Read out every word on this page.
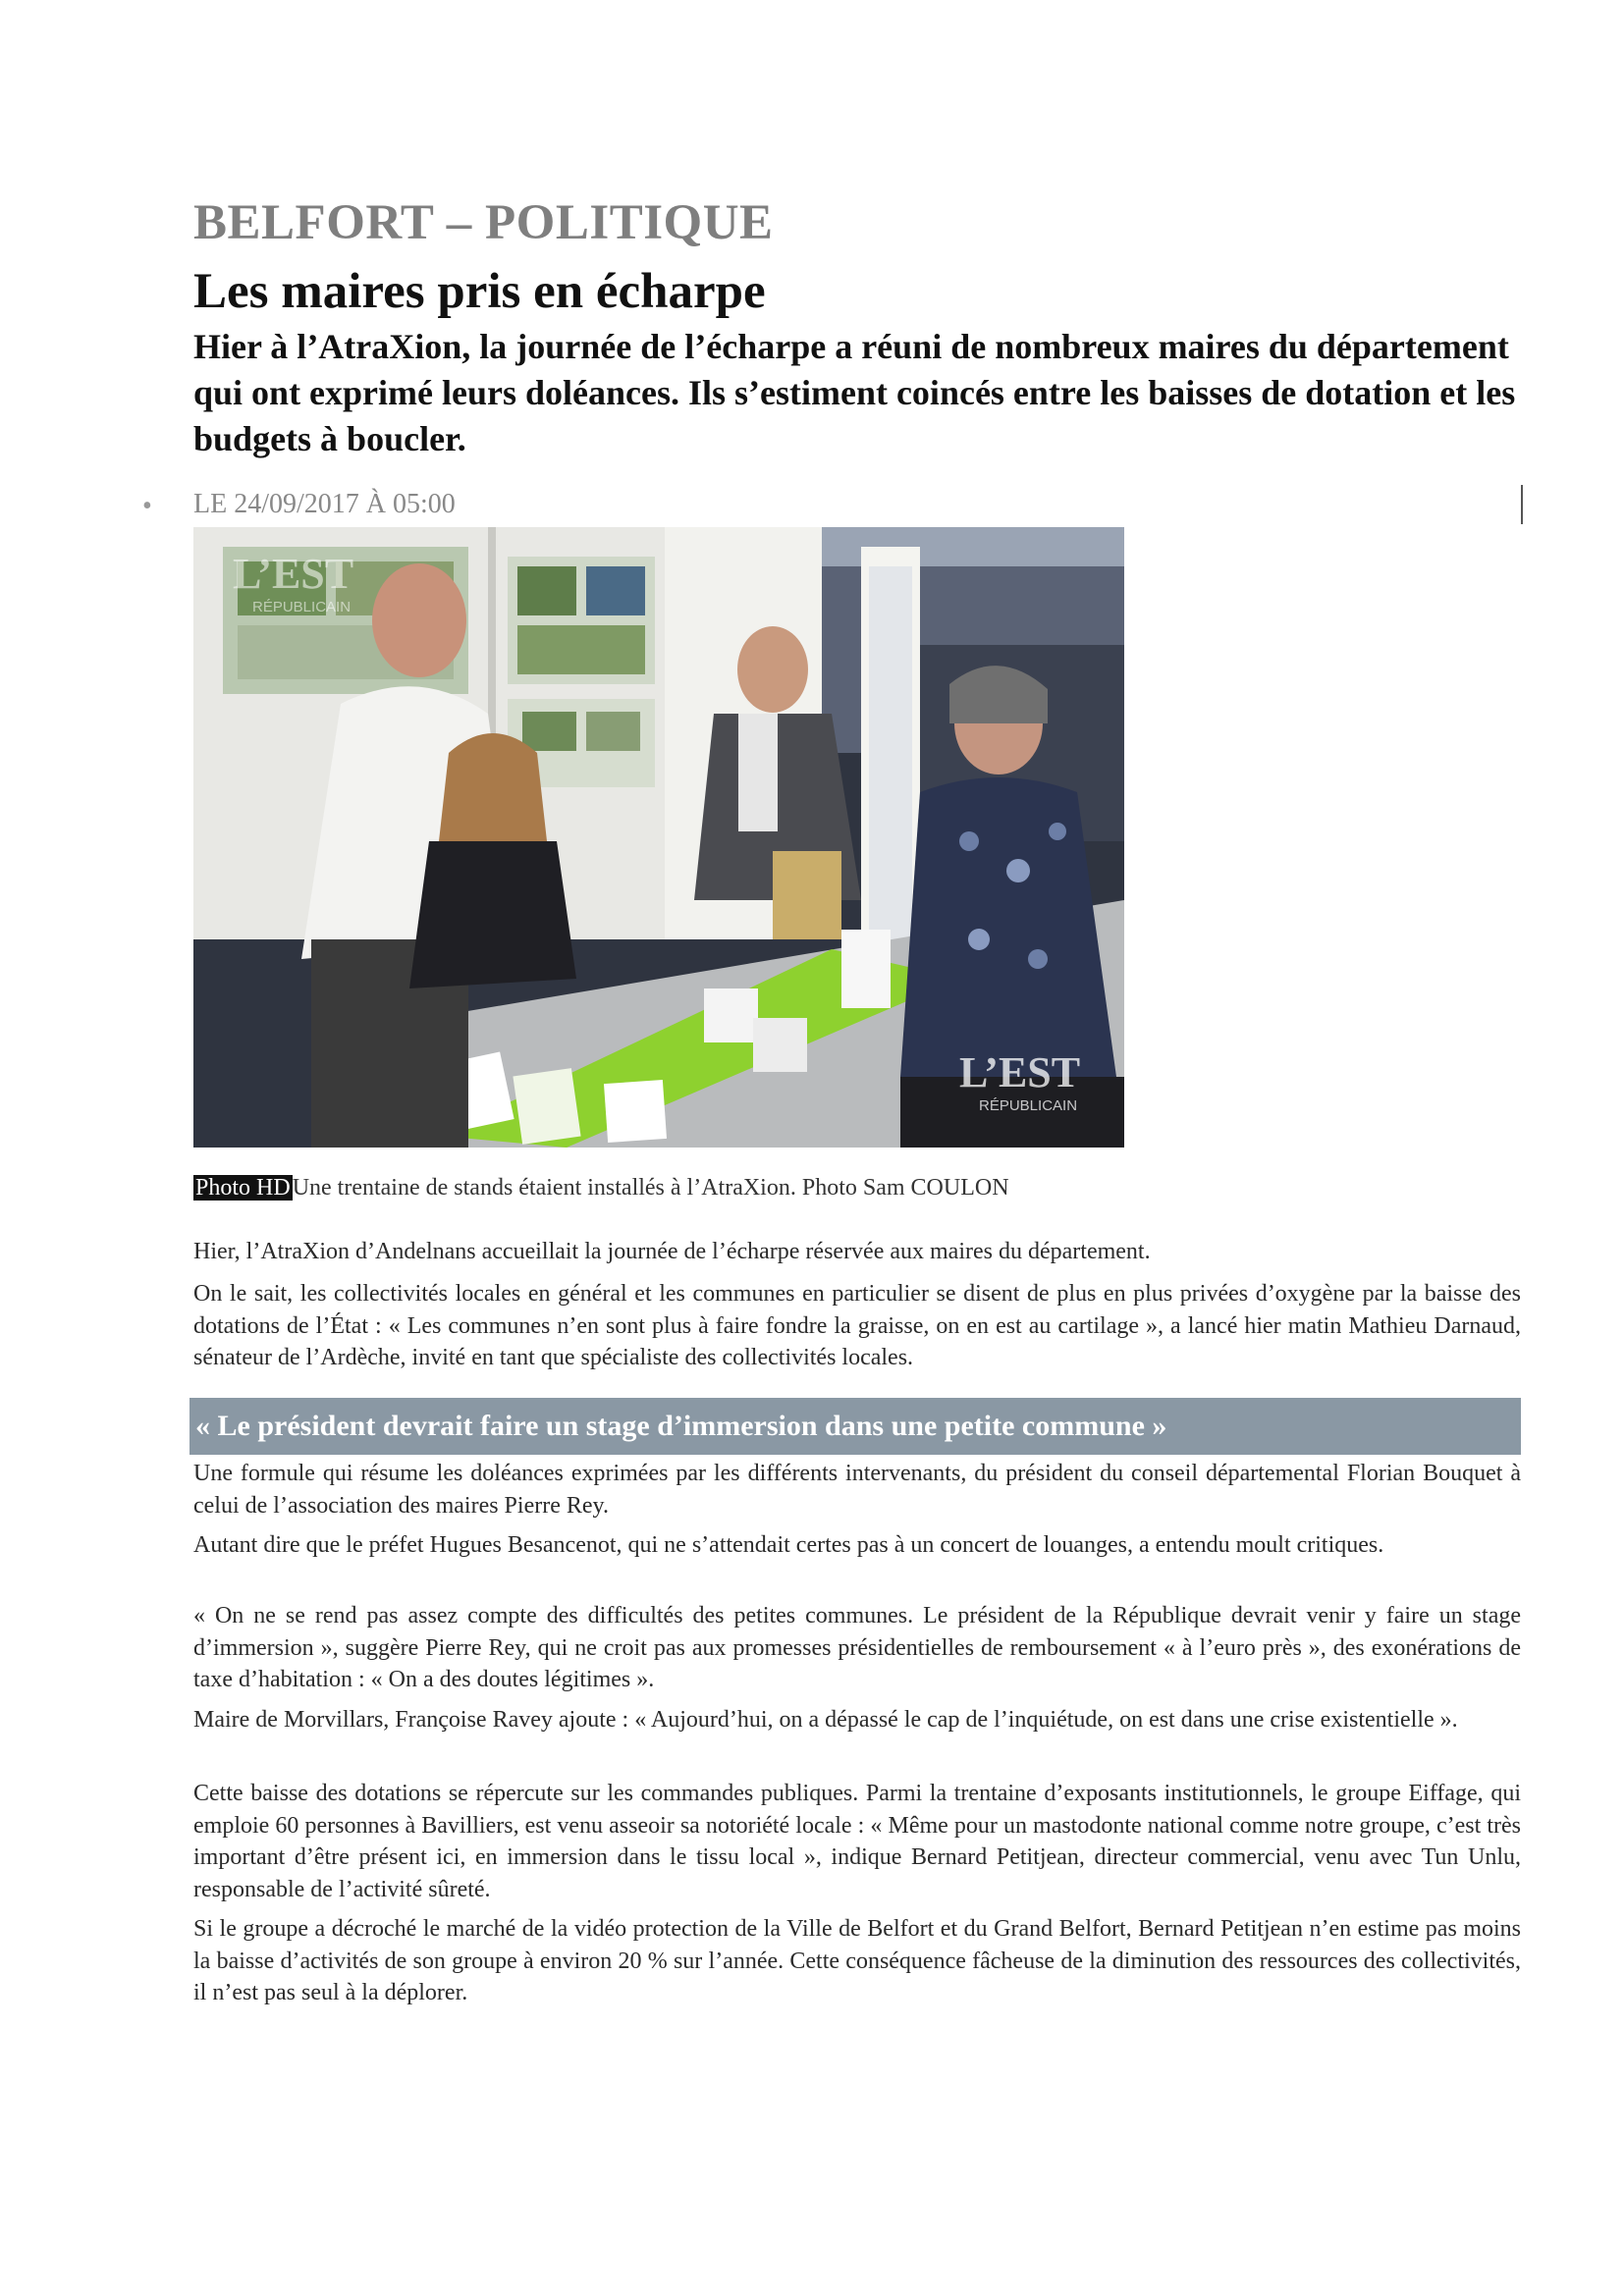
BELFORT – POLITIQUE
Les maires pris en écharpe
Hier à l’AtraXion, la journée de l’écharpe a réuni de nombreux maires du département qui ont exprimé leurs doléances. Ils s’estiment coincés entre les baisses de dotation et les budgets à boucler.
• LE 24/09/2017 À 05:00
L’EST
RÉPUBLICAIN
L’EST
RÉPUBLICAIN
Photo HDUne trentaine de stands étaient installés à l’AtraXion. Photo Sam COULON

Hier, l’AtraXion d’Andelnans accueillait la journée de l’écharpe réservée aux maires du département.

On le sait, les collectivités locales en général et les communes en particulier se disent de plus en plus privées d’oxygène par la baisse des dotations de l’État : « Les communes n’en sont plus à faire fondre la graisse, on en est au cartilage », a lancé hier matin Mathieu Darnaud, sénateur de l’Ardèche, invité en tant que spécialiste des collectivités locales.

« Le président devrait faire un stage d’immersion dans une petite commune »

Une formule qui résume les doléances exprimées par les différents intervenants, du président du conseil départemental Florian Bouquet à celui de l’association des maires Pierre Rey.

Autant dire que le préfet Hugues Besancenot, qui ne s’attendait certes pas à un concert de louanges, a entendu moult critiques.

« On ne se rend pas assez compte des difficultés des petites communes. Le président de la République devrait venir y faire un stage d’immersion », suggère Pierre Rey, qui ne croit pas aux promesses présidentielles de remboursement « à l’euro près », des exonérations de taxe d’habitation : « On a des doutes légitimes ».

Maire de Morvillars, Françoise Ravey ajoute : « Aujourd’hui, on a dépassé le cap de l’inquiétude, on est dans une crise existentielle ».

Cette baisse des dotations se répercute sur les commandes publiques. Parmi la trentaine d’exposants institutionnels, le groupe Eiffage, qui emploie 60 personnes à Bavilliers, est venu asseoir sa notoriété locale : « Même pour un mastodonte national comme notre groupe, c’est très important d’être présent ici, en immersion dans le tissu local », indique Bernard Petitjean, directeur commercial, venu avec Tun Unlu, responsable de l’activité sûreté.

Si le groupe a décroché le marché de la vidéo protection de la Ville de Belfort et du Grand Belfort, Bernard Petitjean n’en estime pas moins la baisse d’activités de son groupe à environ 20 % sur l’année. Cette conséquence fâcheuse de la diminution des ressources des collectivités, il n’est pas seul à la déplorer.
